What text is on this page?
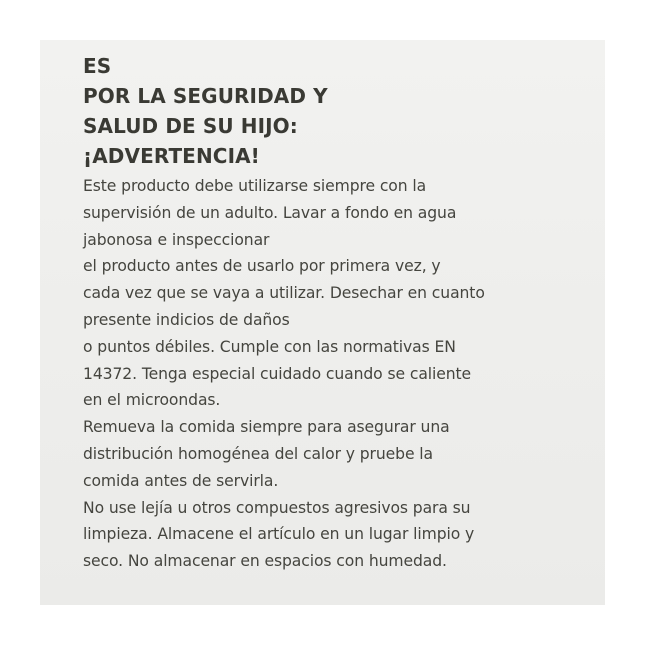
ES
POR LA SEGURIDAD Y
SALUD DE SU HIJO:
¡ADVERTENCIA!
Este producto debe utilizarse siempre con la
supervisión de un adulto. Lavar a fondo en agua
jabonosa e inspeccionar
el producto antes de usarlo por primera vez, y
cada vez que se vaya a utilizar. Desechar en cuanto
presente indicios de daños
o puntos débiles. Cumple con las normativas EN
14372. Tenga especial cuidado cuando se caliente
en el microondas.
Remueva la comida siempre para asegurar una
distribución homogénea del calor y pruebe la
comida antes de servirla.
No use lejía u otros compuestos agresivos para su
limpieza. Almacene el artículo en un lugar limpio y
seco. No almacenar en espacios con humedad.
